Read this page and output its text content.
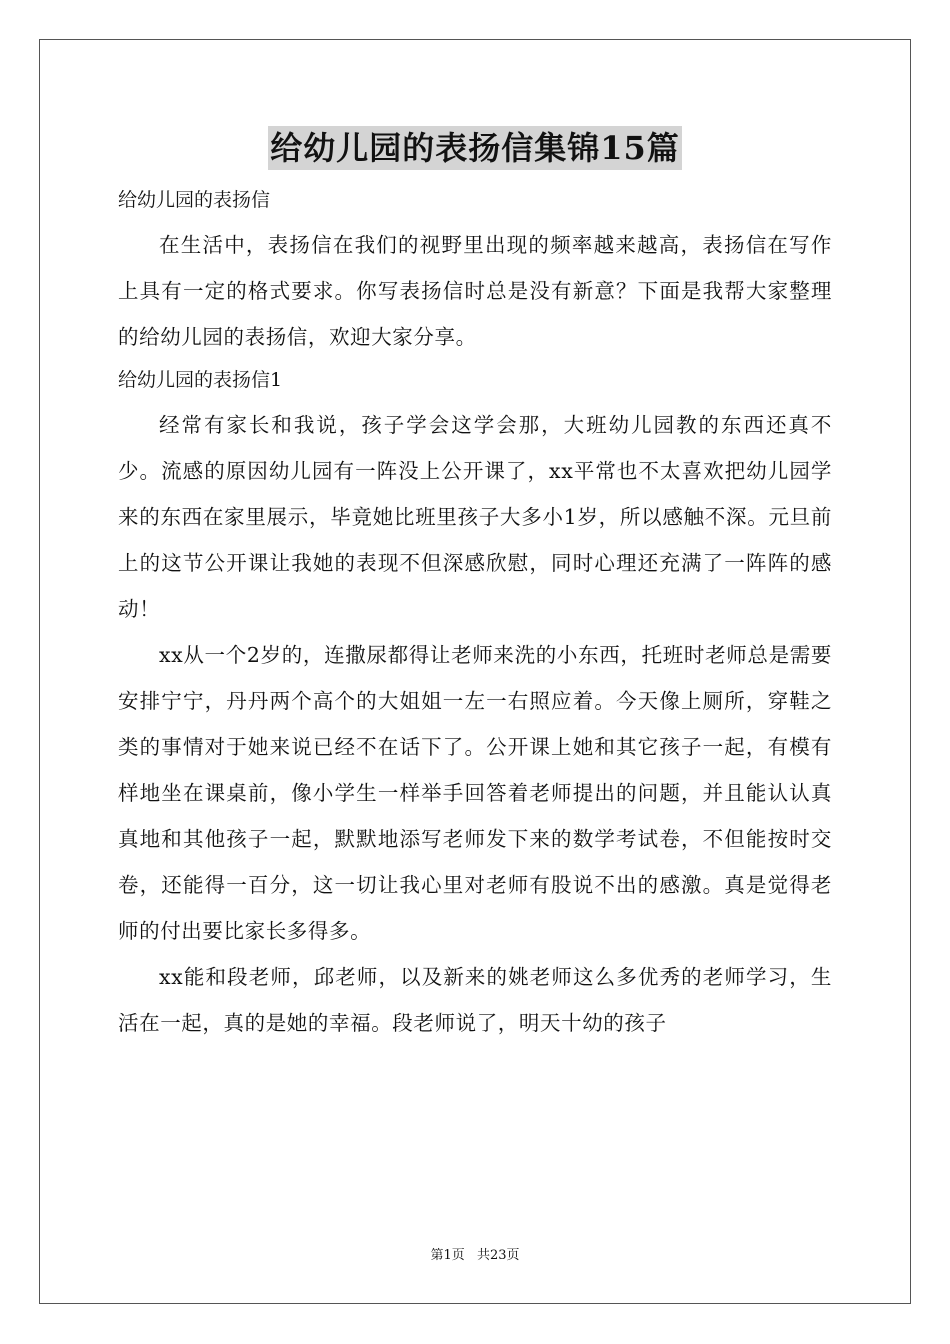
给幼儿园的表扬信集锦15篇

给幼儿园的表扬信

在生活中，表扬信在我们的视野里出现的频率越来越高，表扬信在写作上具有一定的格式要求。你写表扬信时总是没有新意？下面是我帮大家整理的给幼儿园的表扬信，欢迎大家分享。

给幼儿园的表扬信1

经常有家长和我说，孩子学会这学会那，大班幼儿园教的东西还真不少。流感的原因幼儿园有一阵没上公开课了，xx平常也不太喜欢把幼儿园学来的东西在家里展示，毕竟她比班里孩子大多小1岁，所以感触不深。元旦前上的这节公开课让我她的表现不但深感欣慰，同时心理还充满了一阵阵的感动！

xx从一个2岁的，连撒尿都得让老师来洗的小东西，托班时老师总是需要安排宁宁，丹丹两个高个的大姐姐一左一右照应着。今天像上厕所，穿鞋之类的事情对于她来说已经不在话下了。公开课上她和其它孩子一起，有模有样地坐在课桌前，像小学生一样举手回答着老师提出的问题，并且能认认真真地和其他孩子一起，默默地添写老师发下来的数学考试卷，不但能按时交卷，还能得一百分，这一切让我心里对老师有股说不出的感激。真是觉得老师的付出要比家长多得多。

xx能和段老师，邱老师，以及新来的姚老师这么多优秀的老师学习，生活在一起，真的是她的幸福。段老师说了，明天十幼的孩子

第1页 共23页
